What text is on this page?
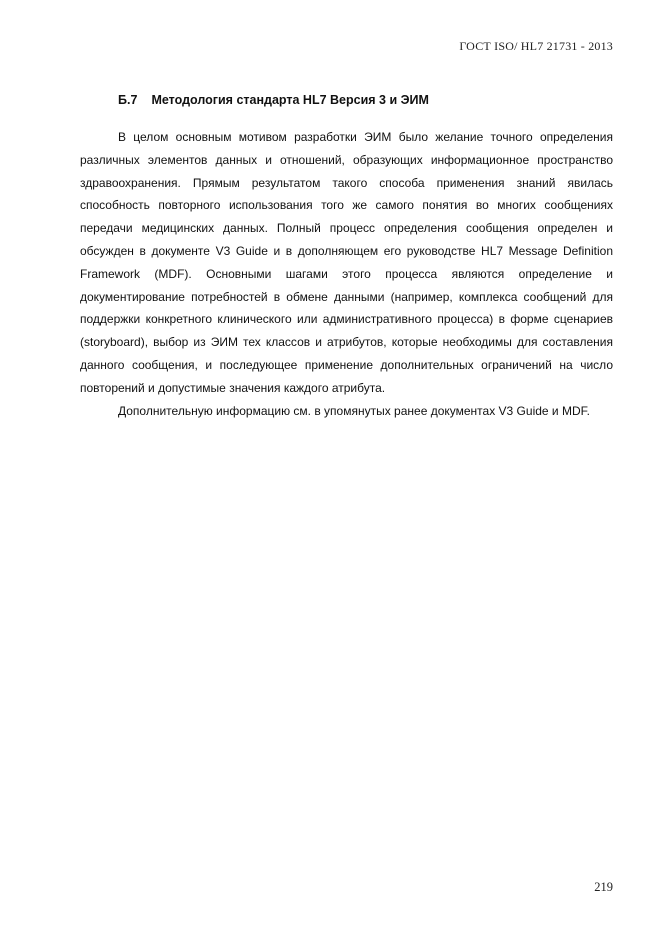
ГОСТ ISO/ HL7 21731 - 2013
Б.7 Методология стандарта HL7 Версия 3 и ЭИМ

В целом основным мотивом разработки ЭИМ было желание точного определения различных элементов данных и отношений, образующих информационное пространство здравоохранения. Прямым результатом такого способа применения знаний явилась способность повторного использования того же самого понятия во многих сообщениях передачи медицинских данных. Полный процесс определения сообщения определен и обсужден в документе V3 Guide и в дополняющем его руководстве HL7 Message Definition Framework (MDF). Основными шагами этого процесса являются определение и документирование потребностей в обмене данными (например, комплекса сообщений для поддержки конкретного клинического или административного процесса) в форме сценариев (storyboard), выбор из ЭИМ тех классов и атрибутов, которые необходимы для составления данного сообщения, и последующее применение дополнительных ограничений на число повторений и допустимые значения каждого атрибута.

Дополнительную информацию см. в упомянутых ранее документах V3 Guide и MDF.

219
